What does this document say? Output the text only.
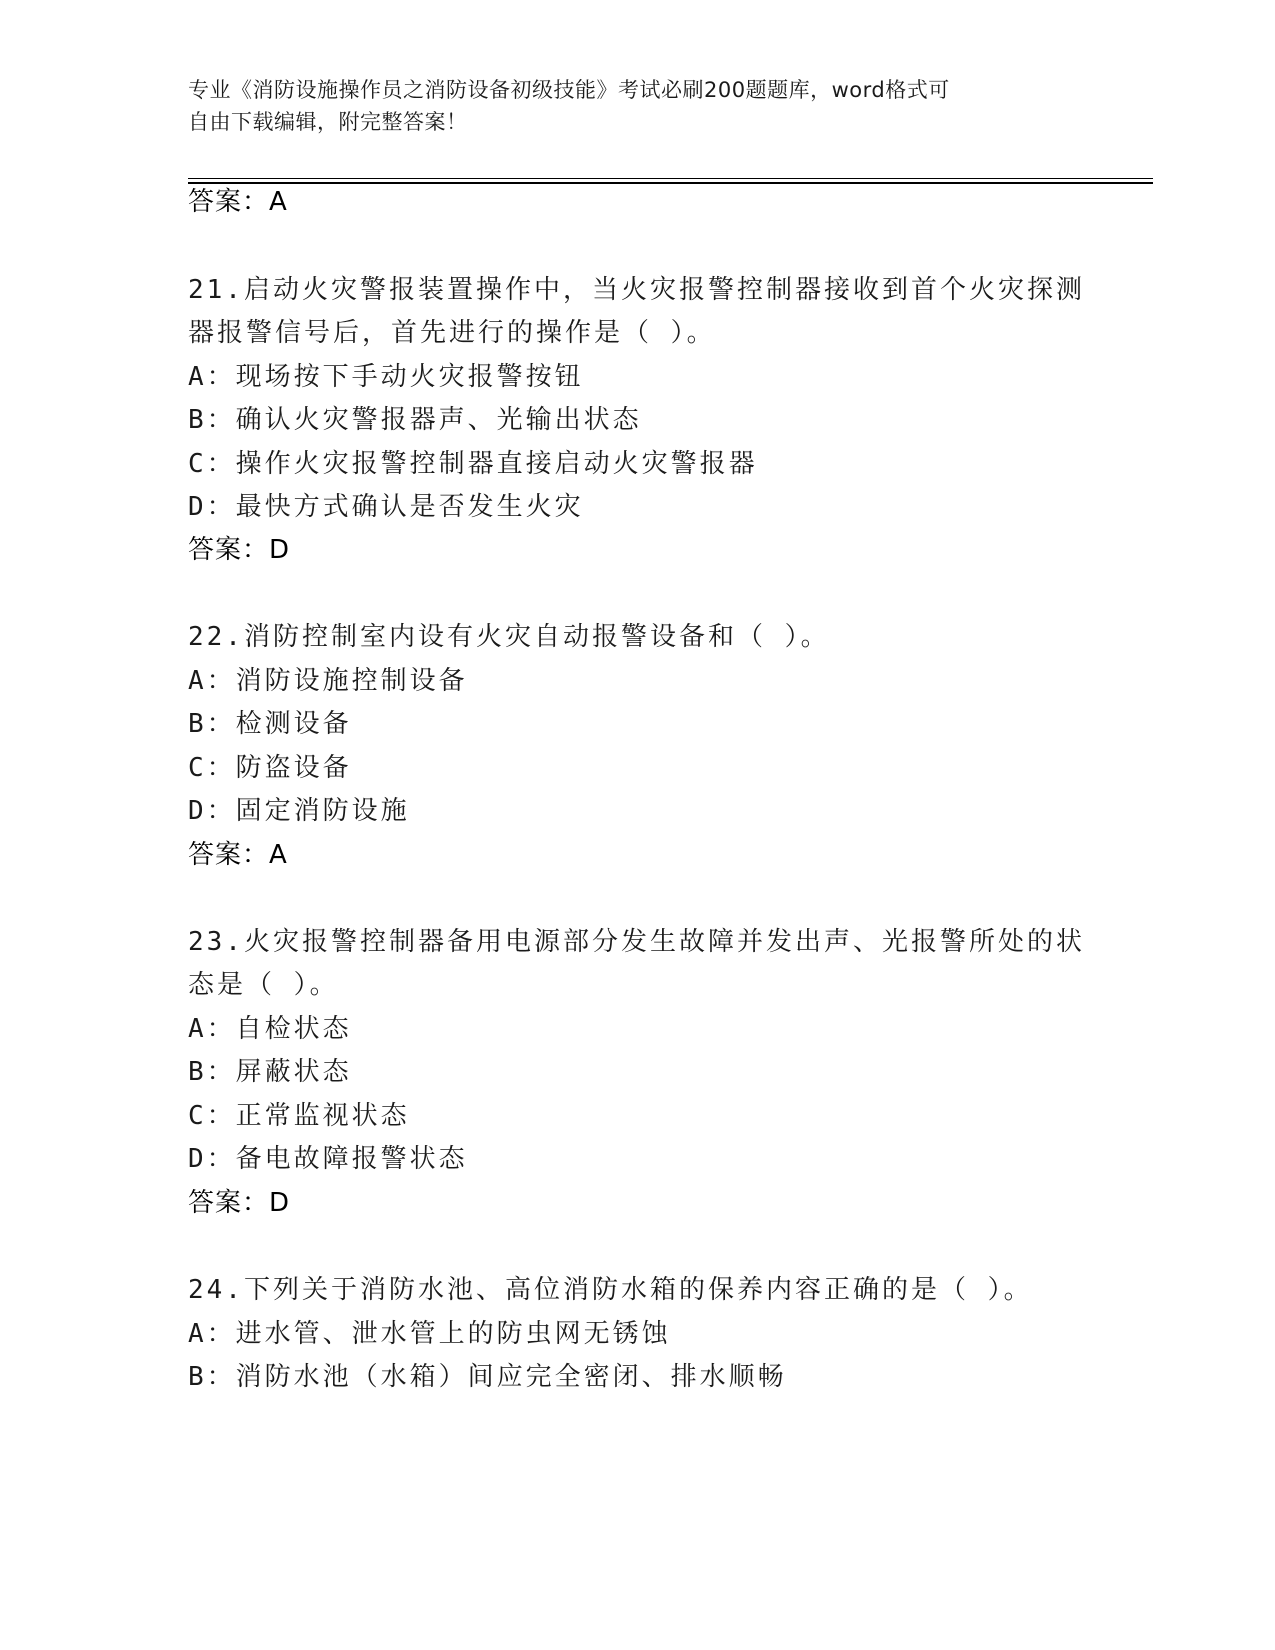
专业《消防设施操作员之消防设备初级技能》考试必刷200题题库，word格式可
自由下载编辑，附完整答案！
答案：A
21.启动火灾警报装置操作中，当火灾报警控制器接收到首个火灾探测
器报警信号后，首先进行的操作是（ ）。
A：现场按下手动火灾报警按钮
B：确认火灾警报器声、光输出状态
C：操作火灾报警控制器直接启动火灾警报器
D：最快方式确认是否发生火灾
答案：D
22.消防控制室内设有火灾自动报警设备和（ ）。
A：消防设施控制设备
B：检测设备
C：防盗设备
D：固定消防设施
答案：A
23.火灾报警控制器备用电源部分发生故障并发出声、光报警所处的状
态是（ ）。
A：自检状态
B：屏蔽状态
C：正常监视状态
D：备电故障报警状态
答案：D
24.下列关于消防水池、高位消防水箱的保养内容正确的是（ ）。
A：进水管、泄水管上的防虫网无锈蚀
B：消防水池（水箱）间应完全密闭、排水顺畅
